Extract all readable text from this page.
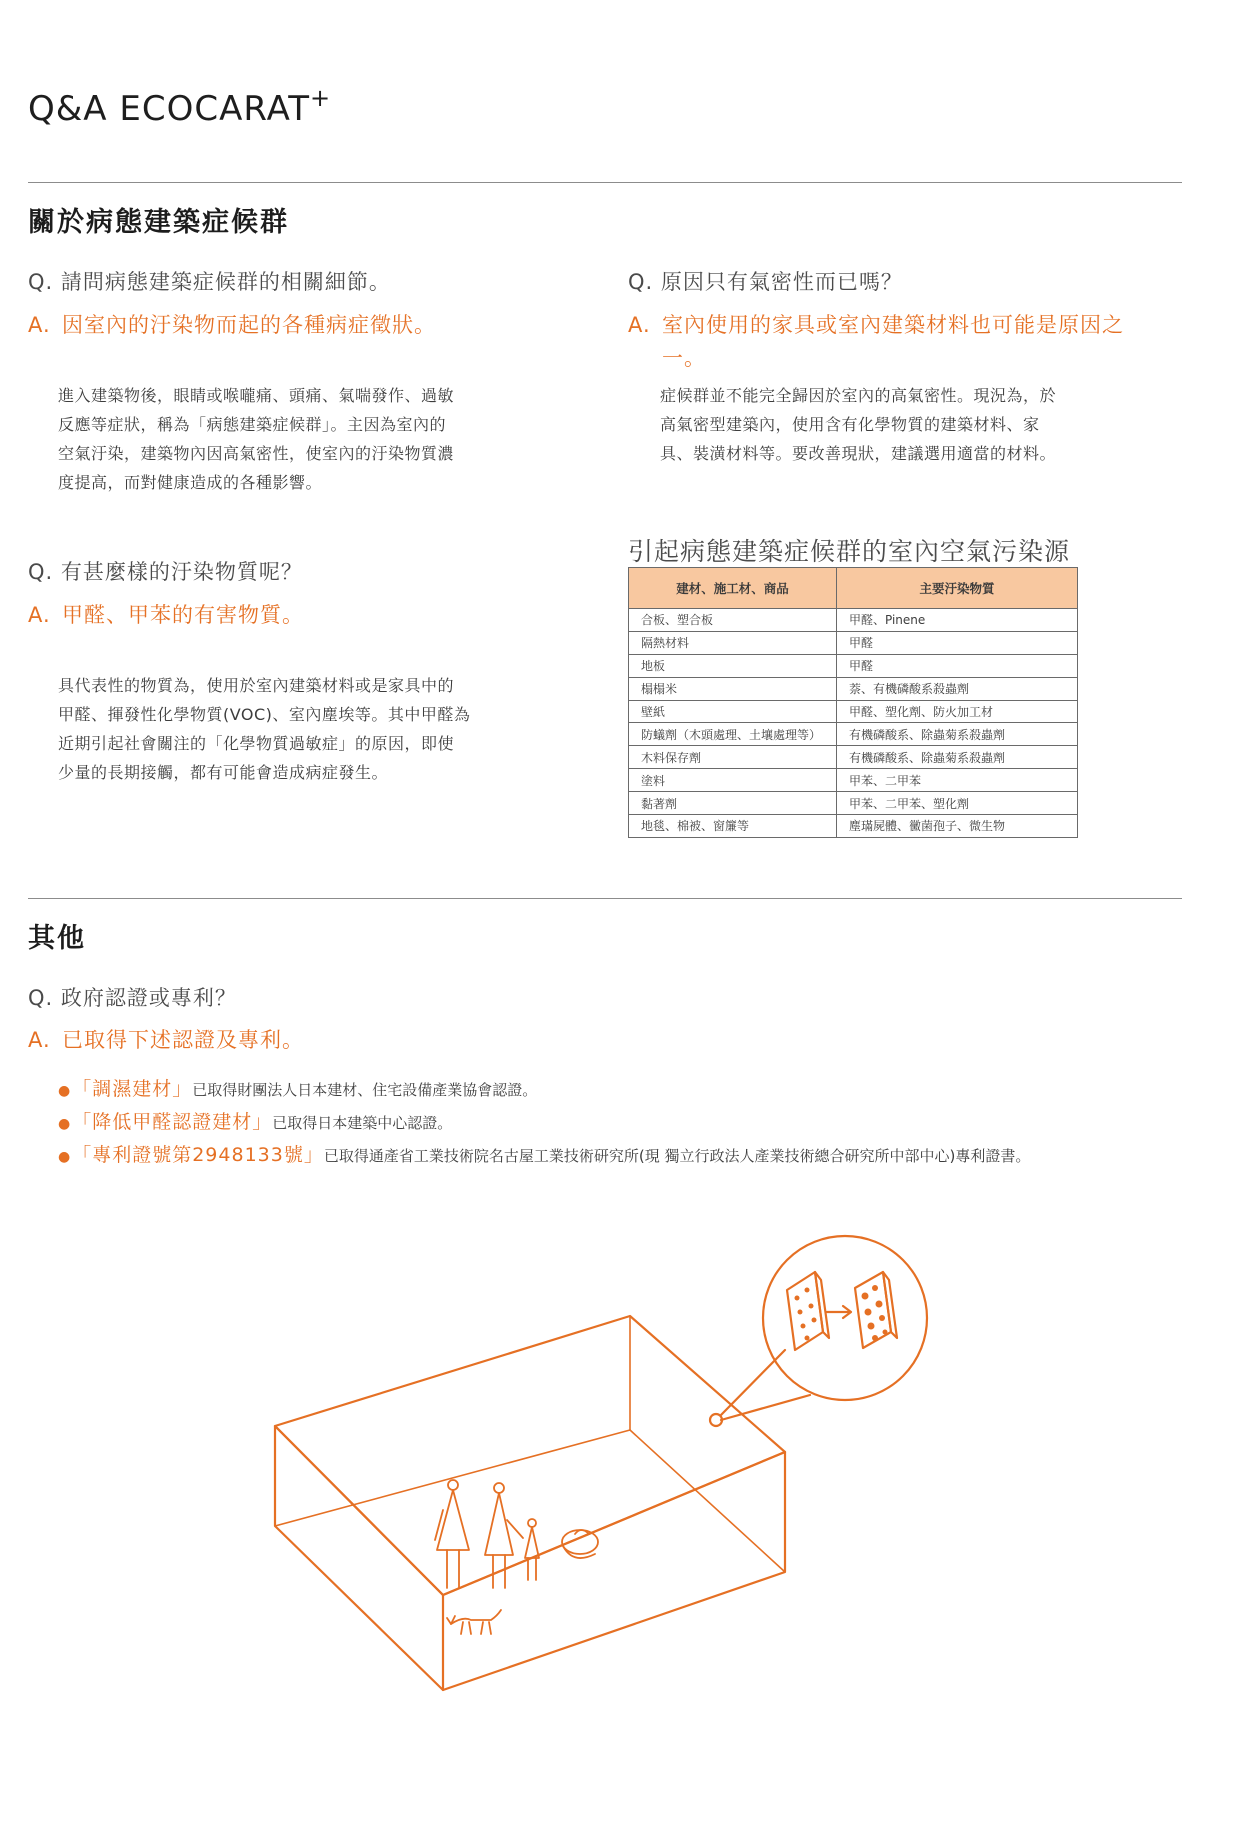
Q&A ECOCARAT+
關於病態建築症候群
Q. 請問病態建築症候群的相關細節。
A. 因室內的汙染物而起的各種病症徵狀。
進入建築物後，眼睛或喉嚨痛、頭痛、氣喘發作、過敏
反應等症狀，稱為「病態建築症候群」。主因為室內的
空氣汙染，建築物內因高氣密性，使室內的汙染物質濃
度提高，而對健康造成的各種影響。
Q. 原因只有氣密性而已嗎？
A. 室內使用的家具或室內建築材料也可能是原因之一。
症候群並不能完全歸因於室內的高氣密性。現況為，於
高氣密型建築內，使用含有化學物質的建築材料、家
具、裝潢材料等。要改善現狀，建議選用適當的材料。
Q. 有甚麼樣的汙染物質呢？
A. 甲醛、甲苯的有害物質。
具代表性的物質為，使用於室內建築材料或是家具中的
甲醛、揮發性化學物質(VOC)、室內塵埃等。其中甲醛為
近期引起社會關注的「化學物質過敏症」的原因，即使
少量的長期接觸，都有可能會造成病症發生。
引起病態建築症候群的室內空氣污染源
建材、施工材、商品	主要汙染物質
合板、塑合板	甲醛、Pinene
隔熱材料	甲醛
地板	甲醛
榻榻米	萘、有機磷酸系殺蟲劑
壁紙	甲醛、塑化劑、防火加工材
防蟻劑（木頭處理、土壤處理等）	有機磷酸系、除蟲菊系殺蟲劑
木料保存劑	有機磷酸系、除蟲菊系殺蟲劑
塗料	甲苯、二甲苯
黏著劑	甲苯、二甲苯、塑化劑
地毯、棉被、窗簾等	塵璊屍體、黴菌孢子、微生物
其他
Q. 政府認證或專利？
A. 已取得下述認證及專利。
● 「調濕建材」已取得財團法人日本建材、住宅設備產業協會認證。
● 「降低甲醛認證建材」已取得日本建築中心認證。
● 「專利證號第2948133號」已取得通產省工業技術院名古屋工業技術研究所(現 獨立行政法人產業技術總合研究所中部中心)專利證書。
